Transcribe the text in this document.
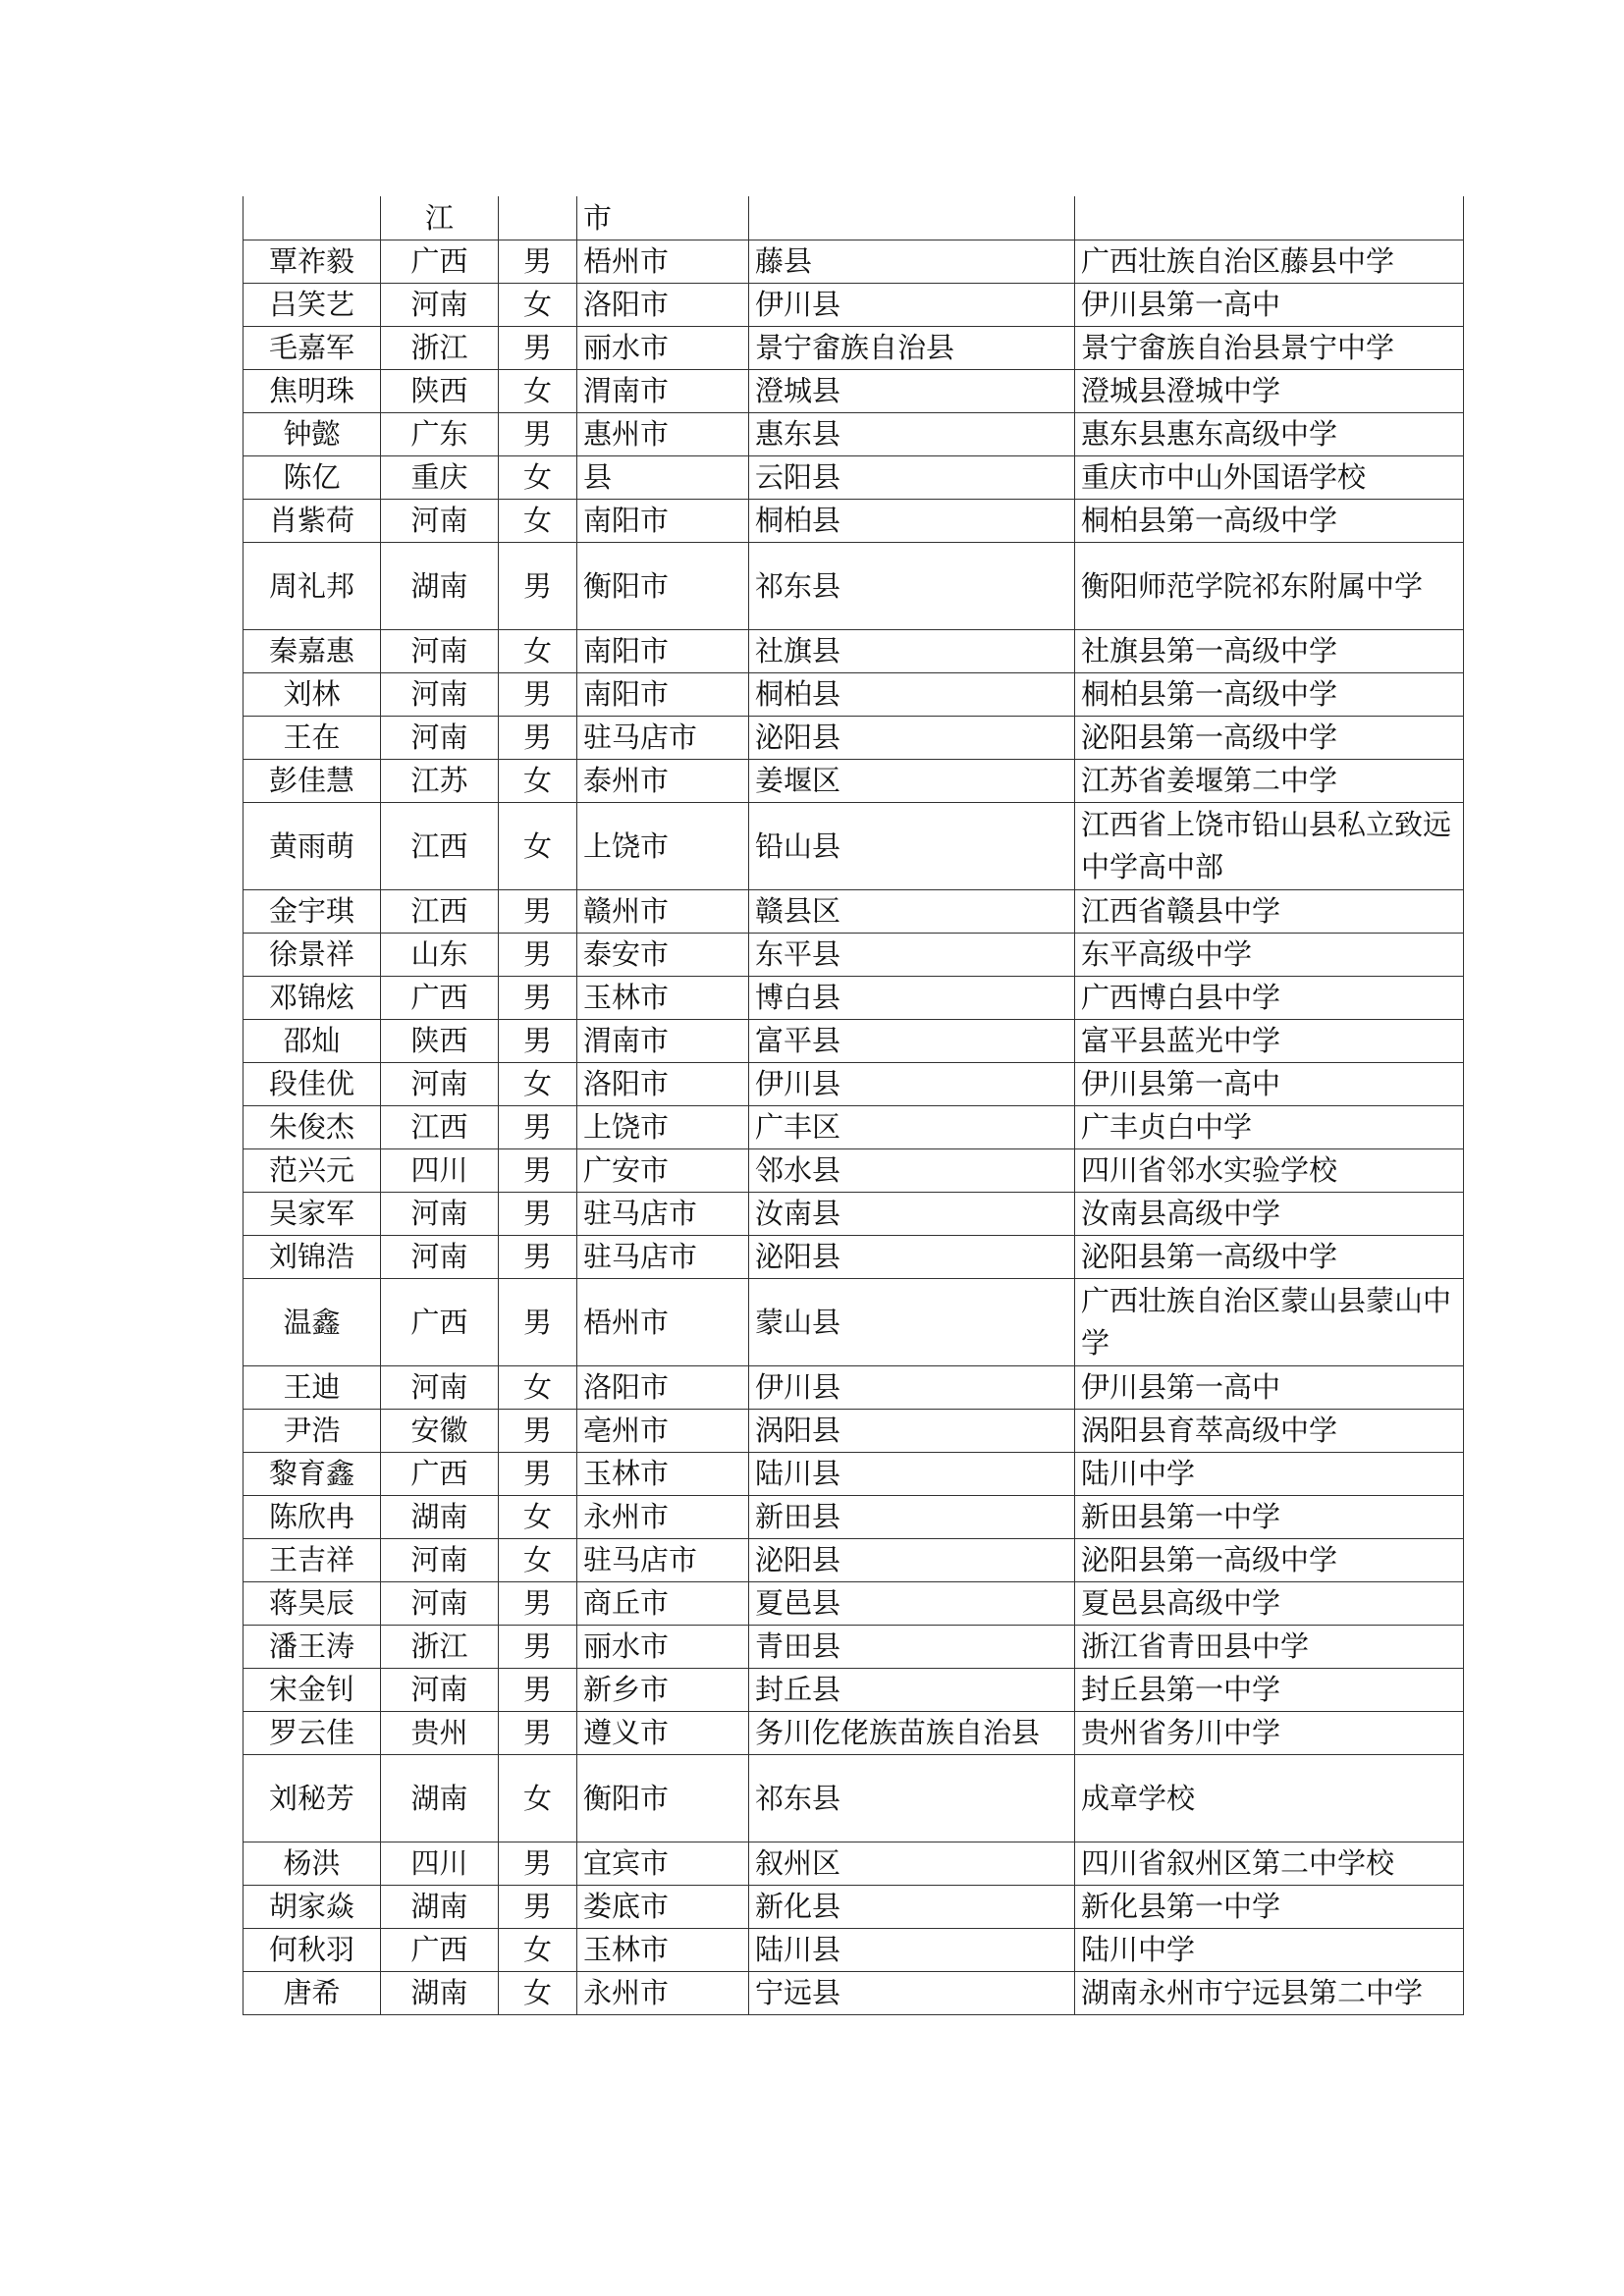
	江		市		
覃祚毅	广西	男	梧州市	藤县	广西壮族自治区藤县中学
吕笑艺	河南	女	洛阳市	伊川县	伊川县第一高中
毛嘉军	浙江	男	丽水市	景宁畲族自治县	景宁畲族自治县景宁中学
焦明珠	陕西	女	渭南市	澄城县	澄城县澄城中学
钟懿	广东	男	惠州市	惠东县	惠东县惠东高级中学
陈亿	重庆	女	县	云阳县	重庆市中山外国语学校
肖紫荷	河南	女	南阳市	桐柏县	桐柏县第一高级中学
周礼邦	湖南	男	衡阳市	祁东县	衡阳师范学院祁东附属中学
秦嘉惠	河南	女	南阳市	社旗县	社旗县第一高级中学
刘林	河南	男	南阳市	桐柏县	桐柏县第一高级中学
王在	河南	男	驻马店市	泌阳县	泌阳县第一高级中学
彭佳慧	江苏	女	泰州市	姜堰区	江苏省姜堰第二中学
黄雨萌	江西	女	上饶市	铅山县	江西省上饶市铅山县私立致远中学高中部
金宇琪	江西	男	赣州市	赣县区	江西省赣县中学
徐景祥	山东	男	泰安市	东平县	东平高级中学
邓锦炫	广西	男	玉林市	博白县	广西博白县中学
邵灿	陕西	男	渭南市	富平县	富平县蓝光中学
段佳优	河南	女	洛阳市	伊川县	伊川县第一高中
朱俊杰	江西	男	上饶市	广丰区	广丰贞白中学
范兴元	四川	男	广安市	邻水县	四川省邻水实验学校
吴家军	河南	男	驻马店市	汝南县	汝南县高级中学
刘锦浩	河南	男	驻马店市	泌阳县	泌阳县第一高级中学
温鑫	广西	男	梧州市	蒙山县	广西壮族自治区蒙山县蒙山中学
王迪	河南	女	洛阳市	伊川县	伊川县第一高中
尹浩	安徽	男	亳州市	涡阳县	涡阳县育萃高级中学
黎育鑫	广西	男	玉林市	陆川县	陆川中学
陈欣冉	湖南	女	永州市	新田县	新田县第一中学
王吉祥	河南	女	驻马店市	泌阳县	泌阳县第一高级中学
蒋昊辰	河南	男	商丘市	夏邑县	夏邑县高级中学
潘王涛	浙江	男	丽水市	青田县	浙江省青田县中学
宋金钊	河南	男	新乡市	封丘县	封丘县第一中学
罗云佳	贵州	男	遵义市	务川仡佬族苗族自治县	贵州省务川中学
刘秘芳	湖南	女	衡阳市	祁东县	成章学校
杨洪	四川	男	宜宾市	叙州区	四川省叙州区第二中学校
胡家焱	湖南	男	娄底市	新化县	新化县第一中学
何秋羽	广西	女	玉林市	陆川县	陆川中学
唐希	湖南	女	永州市	宁远县	湖南永州市宁远县第二中学
